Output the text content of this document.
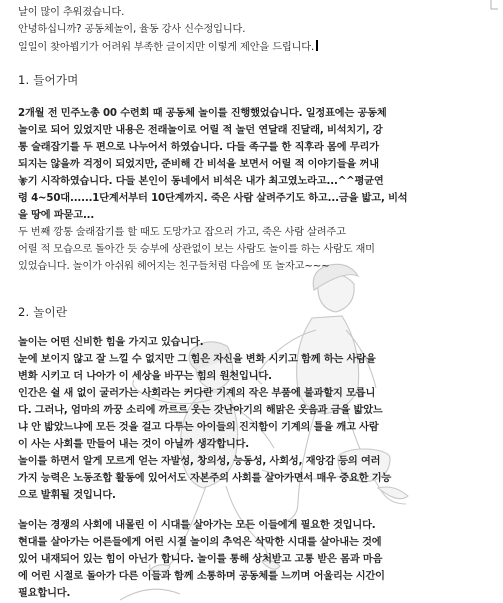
날이 많이 추워졌습니다.

안녕하십니까? 공동체놀이, 율동 강사 신수정입니다.

일일이 찾아뵙기가 어려워 부족한 글이지만 이렇게 제안을 드립니다.

1. 들어가며

2개월 전 민주노총 00 수련회 때 공동체 놀이를 진행했었습니다. 일정표에는 공동체

놀이로 되어 있었지만 내용은 전래놀이로 어릴 적 놀던 연달래 진달래, 비석치기, 강

통 술래잡기를 두 편으로 나누어서 하였습니다. 다들 족구를 한 직후라 몸에 무리가

되지는 않을까 걱정이 되었지만, 준비해 간 비석을 보면서 어릴 적 이야기들을 꺼내

놓기 시작하였습니다. 다들 본인이 동네에서 비석은 내가 최고였노라고...^^평균연

령 4~50대......1단계서부터 10단계까지. 죽은 사람 살려주기도 하고...금을 밟고, 비석

을 땅에 파묻고...

두 번째 깡통 술래잡기를 할 때도 도망가고 잡으러 가고, 죽은 사람 살려주고

어릴 적 모습으로 돌아간 듯 승부에 상관없이 보는 사람도 놀이를 하는 사람도 재미

있었습니다. 놀이가 아쉬워 헤어지는 친구들처럼 다음에 또 놀자고~~~

2. 놀이란

놀이는 어떤 신비한 힘을 가지고 있습니다.

눈에 보이지 않고 잘 느낄 수 없지만 그 힘은 자신을 변화 시키고 함께 하는 사람을

변화 시키고 더 나아가 이 세상을 바꾸는 힘의 원천입니다.

인간은 쉴 새 없이 굴러가는 사회라는 커다란 기계의 작은 부품에 불과할지 모릅니

다. 그러나, 엄마의 까꿍 소리에 까르르 웃는 갓난아기의 해맑은 웃음과 금을 밟았느

냐 안 밟았느냐에 모든 것을 걸고 다투는 아이들의 진지함이 기계의 틀을 깨고 사람

이 사는 사회를 만들어 내는 것이 아닐까 생각합니다.

놀이를 하면서 알게 모르게 얻는 자발성, 창의성, 능동성, 사회성, 재앙감 등의 여러

가지 능력은 노동조합 활동에 있어서도 자본주의 사회를 살아가면서 매우 중요한 기능

으로 발휘될 것입니다.

놀이는 경쟁의 사회에 내몰린 이 시대를 살아가는 모든 이들에게 필요한 것입니다.

현대를 살아가는 어른들에게 어린 시절 놀이의 추억은 삭막한 시대를 살아내는 것에

있어 내재되어 있는 힘이 아닌가 합니다. 놀이를 통해 상처받고 고통 받은 몸과 마음

에 어린 시절로 돌아가 다른 이들과 함께 소통하며 공동체를 느끼며 어울리는 시간이

필요합니다.
